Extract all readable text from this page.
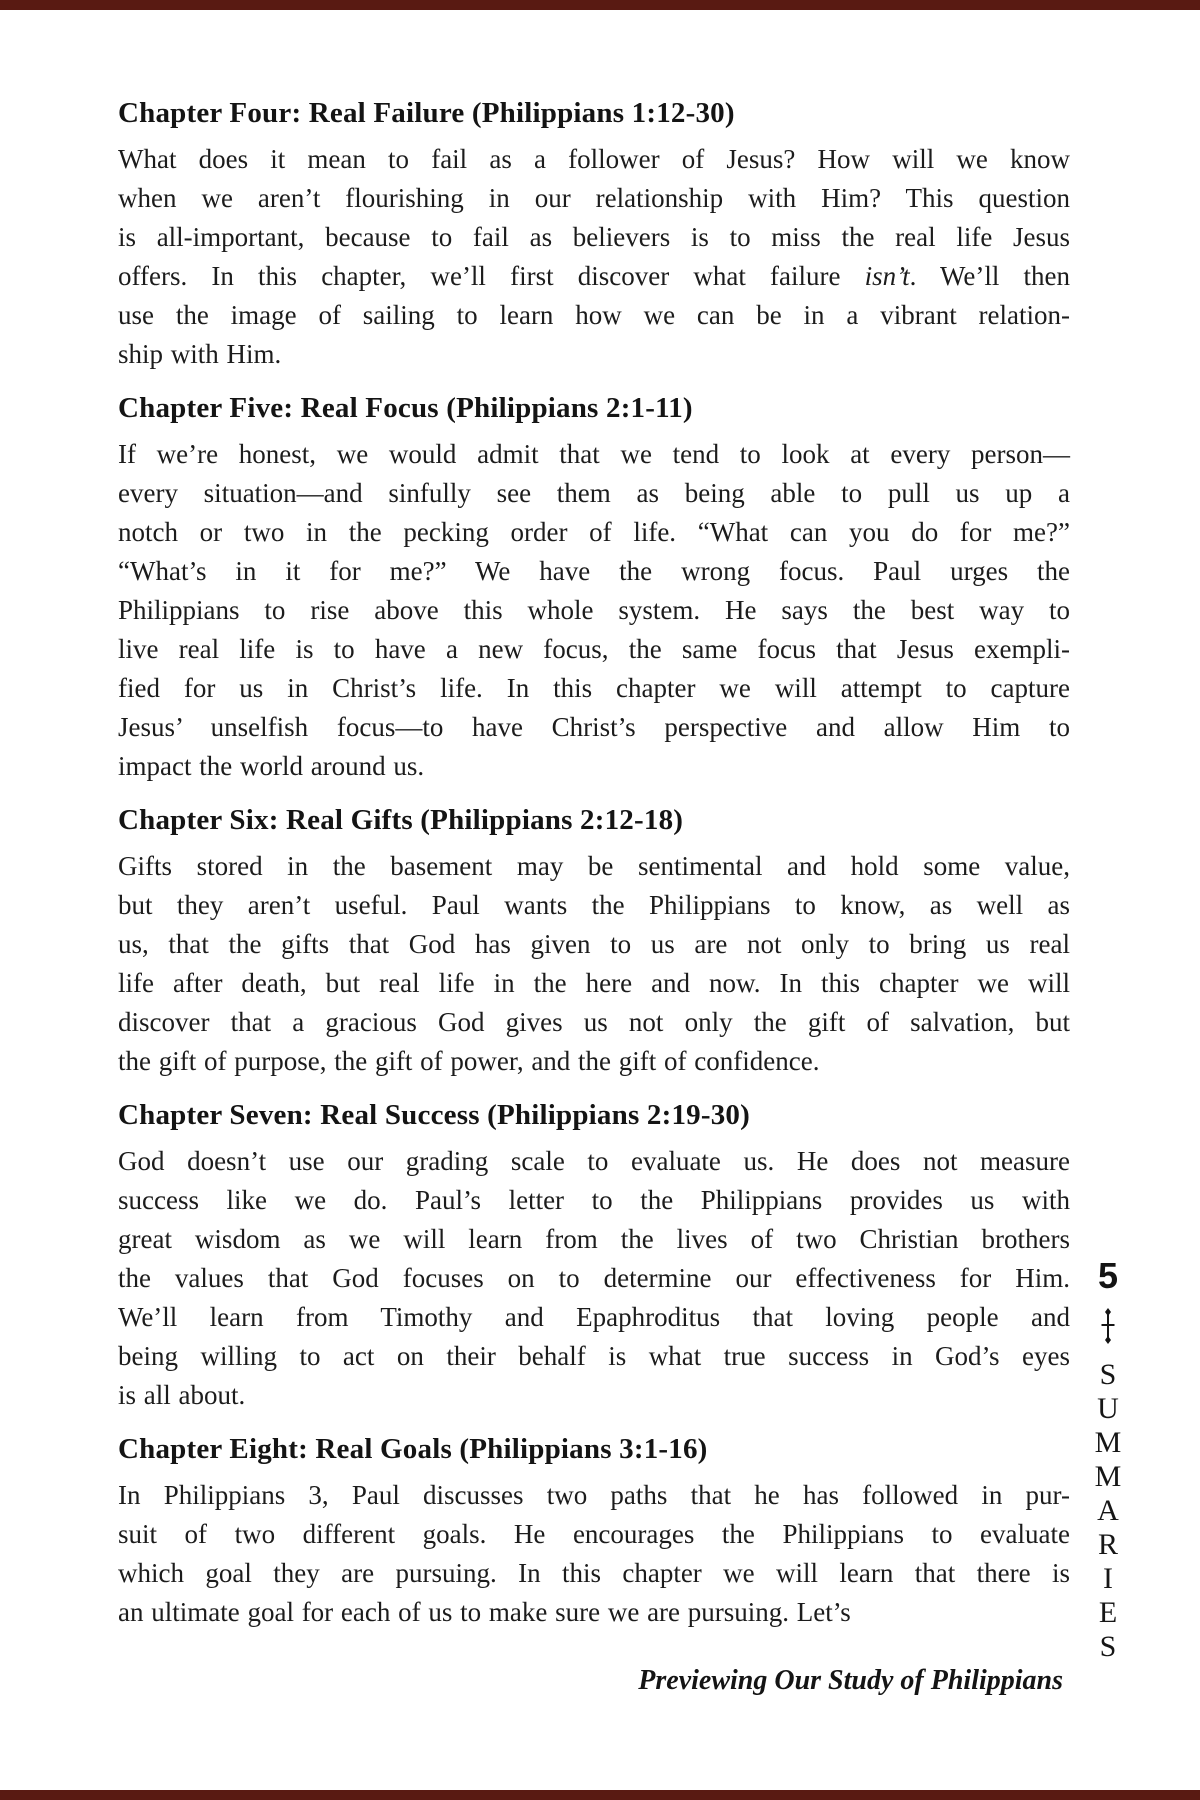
Chapter Four: Real Failure (Philippians 1:12-30)
What does it mean to fail as a follower of Jesus? How will we know
when we aren’t flourishing in our relationship with Him? This question
is all-important, because to fail as believers is to miss the real life Jesus
offers. In this chapter, we’ll first discover what failure isn’t. We’ll then
use the image of sailing to learn how we can be in a vibrant relation-
ship with Him.
Chapter Five: Real Focus (Philippians 2:1-11)
If we’re honest, we would admit that we tend to look at every person—
every situation—and sinfully see them as being able to pull us up a
notch or two in the pecking order of life. “What can you do for me?”
“What’s in it for me?” We have the wrong focus. Paul urges the
Philippians to rise above this whole system. He says the best way to
live real life is to have a new focus, the same focus that Jesus exempli-
fied for us in Christ’s life. In this chapter we will attempt to capture
Jesus’ unselfish focus—to have Christ’s perspective and allow Him to
impact the world around us.
Chapter Six: Real Gifts (Philippians 2:12-18)
Gifts stored in the basement may be sentimental and hold some value,
but they aren’t useful. Paul wants the Philippians to know, as well as
us, that the gifts that God has given to us are not only to bring us real
life after death, but real life in the here and now. In this chapter we will
discover that a gracious God gives us not only the gift of salvation, but
the gift of purpose, the gift of power, and the gift of confidence.
Chapter Seven: Real Success (Philippians 2:19-30)
God doesn’t use our grading scale to evaluate us. He does not measure
success like we do. Paul’s letter to the Philippians provides us with
great wisdom as we will learn from the lives of two Christian brothers
the values that God focuses on to determine our effectiveness for Him.
We’ll learn from Timothy and Epaphroditus that loving people and
being willing to act on their behalf is what true success in God’s eyes
is all about.
Chapter Eight: Real Goals (Philippians 3:1-16)
In Philippians 3, Paul discusses two paths that he has followed in pur-
suit of two different goals. He encourages the Philippians to evaluate
which goal they are pursuing. In this chapter we will learn that there is
an ultimate goal for each of us to make sure we are pursuing. Let’s
5
S
U
M
M
A
R
I
E
S
Previewing Our Study of Philippians
